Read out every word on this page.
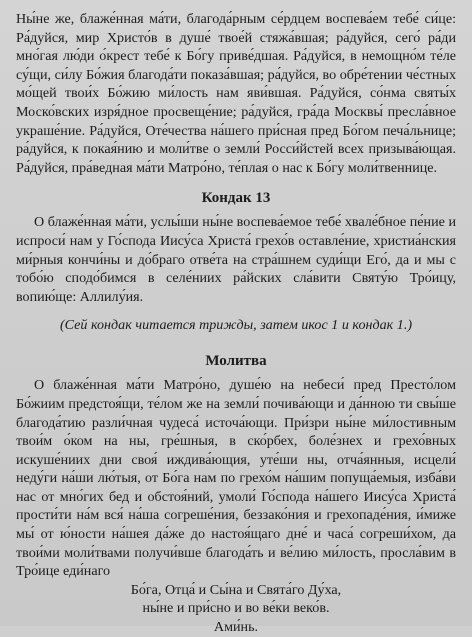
Ны́не же, блаже́нная ма́ти, благода́рным се́рдцем воспева́ем тебе́ си́це: Ра́дуйся, мир Христо́в в душе́ твое́й стяжа́вшая; ра́дуйся, сего́ ра́ди мно́гая лю́ди о́крест тебе́ к Бо́гу приве́дшая. Ра́дуйся, в немощно́м те́ле су́щи, си́лу Бо́жия благода́ти показа́вшая; ра́дуйся, во обре́тении че́стных мо́щей твои́х Бо́жию ми́лость нам яви́вшая. Ра́дуйся, со́нма святы́х Моско́вских изря́дное просвеще́ние; ра́дуйся, гра́да Москвы́ пресла́вное украше́ние. Ра́дуйся, Оте́чества на́шего при́сная пред Бо́гом печа́льнице; ра́дуйся, к покая́нию и моли́тве о земли́ Росси́йстей всех призыва́ющая. Ра́дуйся, пра́ведная ма́ти Матро́но, те́плая о нас к Бо́гу моли́твеннице.

Кондак 13

О блаже́нная ма́ти, услы́ши ны́не воспева́емое тебе́ хвале́бное пе́ние и испроси́ нам у Го́спода Иису́са Христа́ грехо́в оставле́ние, христиа́нския ми́рныя кончи́ны и до́браго отве́та на стра́шнем суди́щи Его́, да и мы с тобо́ю сподо́бимся в селе́ниих ра́йских сла́вити Святу́ю Тро́ицу, вопию́ще: Аллилу́ия.

(Сей кондак читается трижды, затем икос 1 и кондак 1.)
Молитва

О блаже́нная ма́ти Матро́но, душе́ю на небеси́ пред Престо́лом Бо́жиим предстоя́щи, те́лом же на земли́ почива́ющи и да́нною ти свы́ше благода́тию разли́чная чудеса́ источа́ющи. При́зри ны́не ми́лостивным твои́м о́ком на ны, гре́шныя, в ско́рбех, боле́знех и грехо́вных искуше́ниих дни своя́ иждива́ющия, уте́ши ны, отча́янныя, исцели́ неду́ги на́ши лю́тыя, от Бо́га нам по грехо́м на́шим попуща́емыя, изба́ви нас от мно́гих бед и обстоя́ний, умоли́ Го́спода на́шего Иису́са Христа́ прости́ти на́м вся́ на́ша согреше́ния, беззако́ния и грехопаде́ния, и́миже мы́ от ю́ности на́шея да́же до настоя́щаго дне́ и часа́ согреши́хом, да твои́ми моли́твами получи́вше благода́ть и ве́лию ми́лость, просла́вим в Тро́ице еди́наго

Бо́га, Отца́ и Сы́на и Свята́го Ду́ха,

ны́не и при́сно и во ве́ки веко́в.

Ами́нь.
